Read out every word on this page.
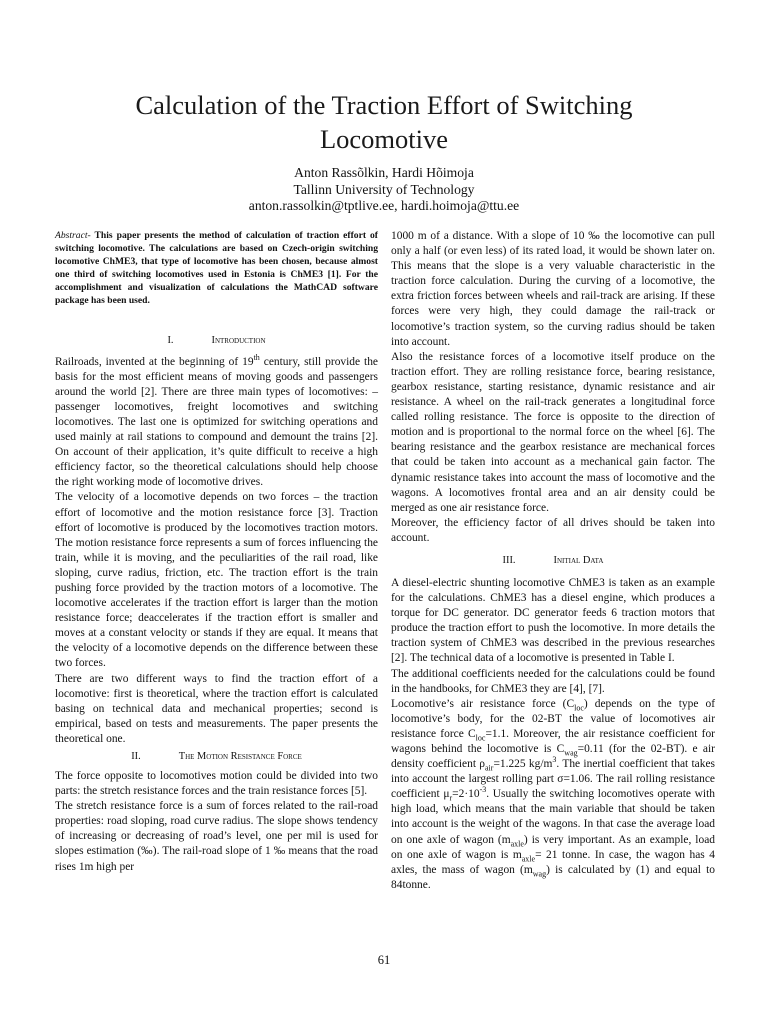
Calculation of the Traction Effort of Switching
Locomotive
Anton Rassõlkin, Hardi Hõimoja
Tallinn University of Technology
anton.rassolkin@tptlive.ee, hardi.hoimoja@ttu.ee

Abstract- This paper presents the method of calculation of traction effort of switching locomotive. The calculations are based on Czech-origin switching locomotive ChME3, that type of locomotive has been chosen, because almost one third of switching locomotives used in Estonia is ChME3 [1]. For the accomplishment and visualization of calculations the MathCAD software package has been used.

I.	Introduction

Railroads, invented at the beginning of 19th century, still provide the basis for the most efficient means of moving goods and passengers around the world [2]. There are three main types of locomotives: – passenger locomotives, freight locomotives and switching locomotives. The last one is optimized for switching operations and used mainly at rail stations to compound and demount the trains [2]. On account of their application, it’s quite difficult to receive a high efficiency factor, so the theoretical calculations should help choose the right working mode of locomotive drives.

The velocity of a locomotive depends on two forces – the traction effort of locomotive and the motion resistance force [3]. Traction effort of locomotive is produced by the locomotives traction motors. The motion resistance force represents a sum of forces influencing the train, while it is moving, and the peculiarities of the rail road, like sloping, curve radius, friction, etc. The traction effort is the train pushing force provided by the traction motors of a locomotive. The locomotive accelerates if the traction effort is larger than the motion resistance force; deaccelerates if the traction effort is smaller and moves at a constant velocity or stands if they are equal. It means that the velocity of a locomotive depends on the difference between these two forces.

There are two different ways to find the traction effort of a locomotive: first is theoretical, where the traction effort is calculated basing on technical data and mechanical properties; second is empirical, based on tests and measurements. The paper presents the theoretical one.

II.	The Motion Resistance Force

The force opposite to locomotives motion could be divided into two parts: the stretch resistance forces and the train resistance forces [5].

The stretch resistance force is a sum of forces related to the rail-road properties: road sloping, road curve radius. The slope shows tendency of increasing or decreasing of road’s level, one per mil is used for slopes estimation (‰). The rail-road slope of 1 ‰ means that the road rises 1m high per

1000 m of a distance. With a slope of 10 ‰ the locomotive can pull only a half (or even less) of its rated load, it would be shown later on. This means that the slope is a very valuable characteristic in the traction force calculation. During the curving of a locomotive, the extra friction forces between wheels and rail-track are arising. If these forces were very high, they could damage the rail-track or locomotive’s traction system, so the curving radius should be taken into account.

Also the resistance forces of a locomotive itself produce on the traction effort. They are rolling resistance force, bearing resistance, gearbox resistance, starting resistance, dynamic resistance and air resistance. A wheel on the rail-track generates a longitudinal force called rolling resistance. The force is opposite to the direction of motion and is proportional to the normal force on the wheel [6]. The bearing resistance and the gearbox resistance are mechanical forces that could be taken into account as a mechanical gain factor. The dynamic resistance takes into account the mass of locomotive and the wagons. A locomotives frontal area and an air density could be merged as one air resistance force.

Moreover, the efficiency factor of all drives should be taken into account.

III.	Initial Data

A diesel-electric shunting locomotive ChME3 is taken as an example for the calculations. ChME3 has a diesel engine, which produces a torque for DC generator. DC generator feeds 6 traction motors that produce the traction effort to push the locomotive. In more details the traction system of ChME3 was described in the previous researches [2]. The technical data of a locomotive is presented in Table I.

The additional coefficients needed for the calculations could be found in the handbooks, for ChME3 they are [4], [7].

Locomotive’s air resistance force $(C_{loc})$ depends on the type of locomotive’s body, for the 02-BT the value of locomotives air resistance force $C_{loc}=1.1$. Moreover, the air resistance coefficient for wagons behind the locomotive is $C_{wag}=0.11$ (for the 02-BT). e air density coefficient $\rho_{air}=1.225$ $kg/m^3$. The inertial coefficient that takes into account the largest rolling part σ=1.06. The rail rolling resistance coefficient $\mu_r=2\cdot 10^{-3}$. Usually the switching locomotives operate with high load, which means that the main variable that should be taken into account is the weight of the wagons. In that case the average load on one axle of wagon $(m_{axle})$ is very important. As an example, load on one axle of wagon is $m_{axle}= 21$ tonne. In case, the wagon has 4 axles, the mass of wagon $(m_{wag})$ is calculated by (1) and equal to 84tonne.

61
